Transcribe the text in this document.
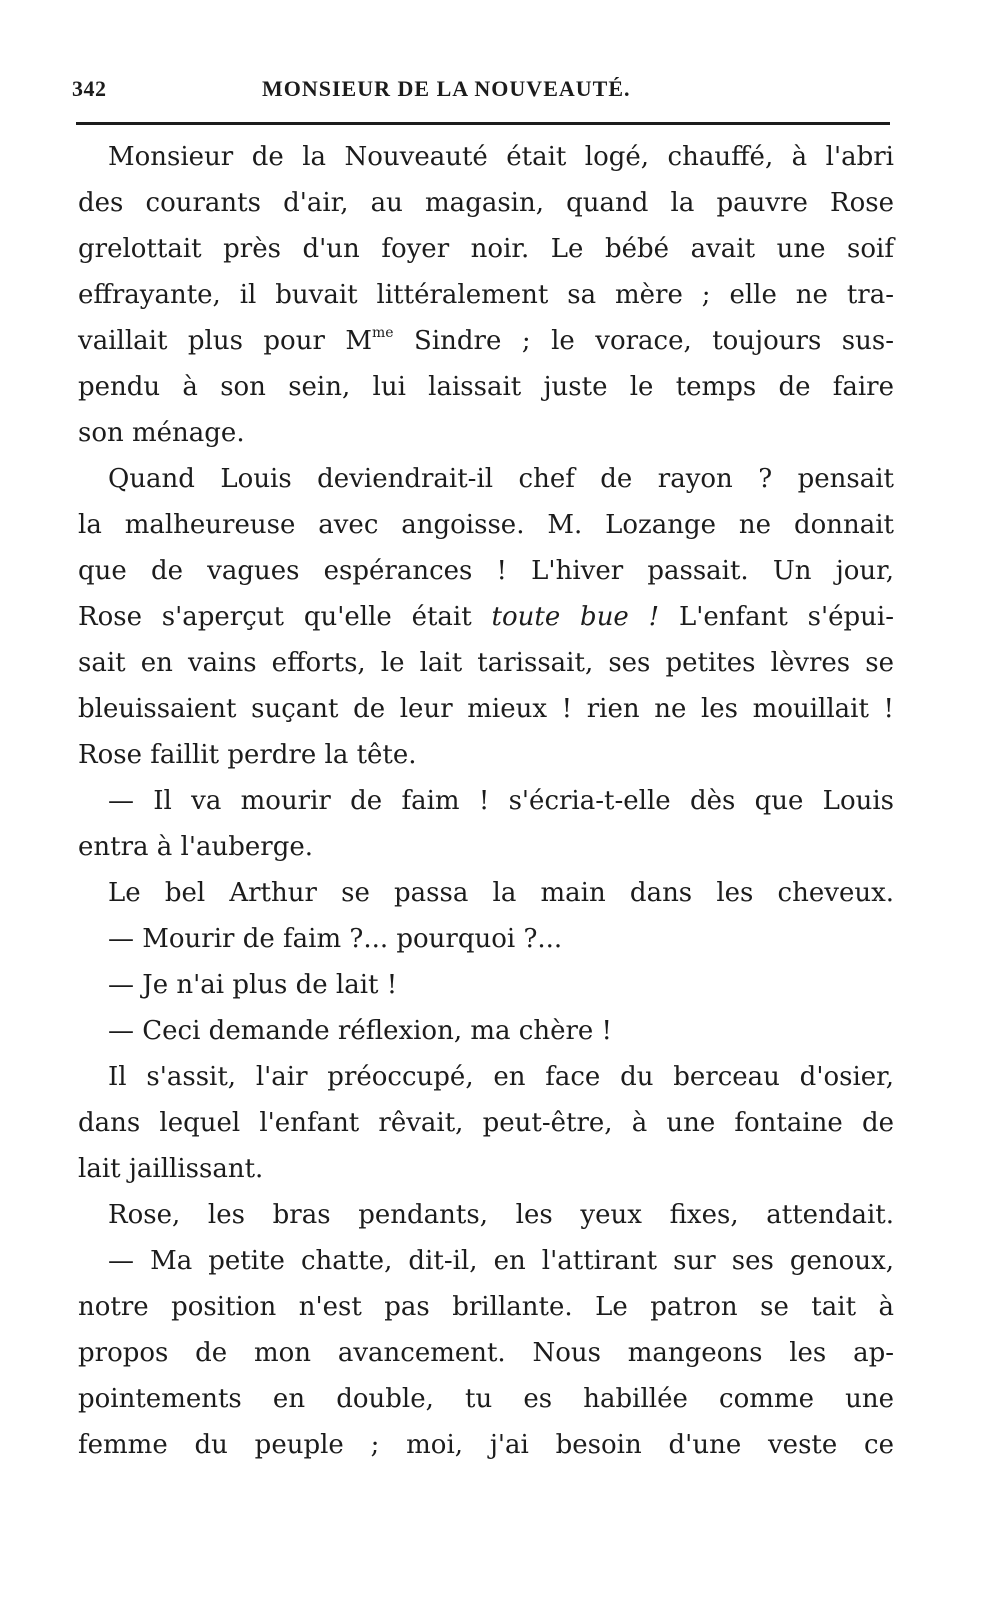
342	MONSIEUR DE LA NOUVEAUTÉ.
Monsieur de la Nouveauté était logé, chauffé, à l'abri
des courants d'air, au magasin, quand la pauvre Rose
grelottait près d'un foyer noir. Le bébé avait une soif
effrayante, il buvait littéralement sa mère ; elle ne tra-
vaillait plus pour $M^{me}$ Sindre ; le vorace, toujours sus-
pendu à son sein, lui laissait juste le temps de faire
son ménage.
Quand Louis deviendrait-il chef de rayon ? pensait
la malheureuse avec angoisse. M. Lozange ne donnait
que de vagues espérances ! L'hiver passait. Un jour,
Rose s'aperçut qu'elle était toute bue ! L'enfant s'épui-
sait en vains efforts, le lait tarissait, ses petites lèvres se
bleuissaient suçant de leur mieux ! rien ne les mouillait !
Rose faillit perdre la tête.
— Il va mourir de faim ! s'écria-t-elle dès que Louis
entra à l'auberge.
Le bel Arthur se passa la main dans les cheveux.
— Mourir de faim ?... pourquoi ?...
— Je n'ai plus de lait !
— Ceci demande réflexion, ma chère !
Il s'assit, l'air préoccupé, en face du berceau d'osier,
dans lequel l'enfant rêvait, peut-être, à une fontaine de
lait jaillissant.
Rose, les bras pendants, les yeux fixes, attendait.
— Ma petite chatte, dit-il, en l'attirant sur ses genoux,
notre position n'est pas brillante. Le patron se tait à
propos de mon avancement. Nous mangeons les ap-
pointements en double, tu es habillée comme une
femme du peuple ; moi, j'ai besoin d'une veste ce
